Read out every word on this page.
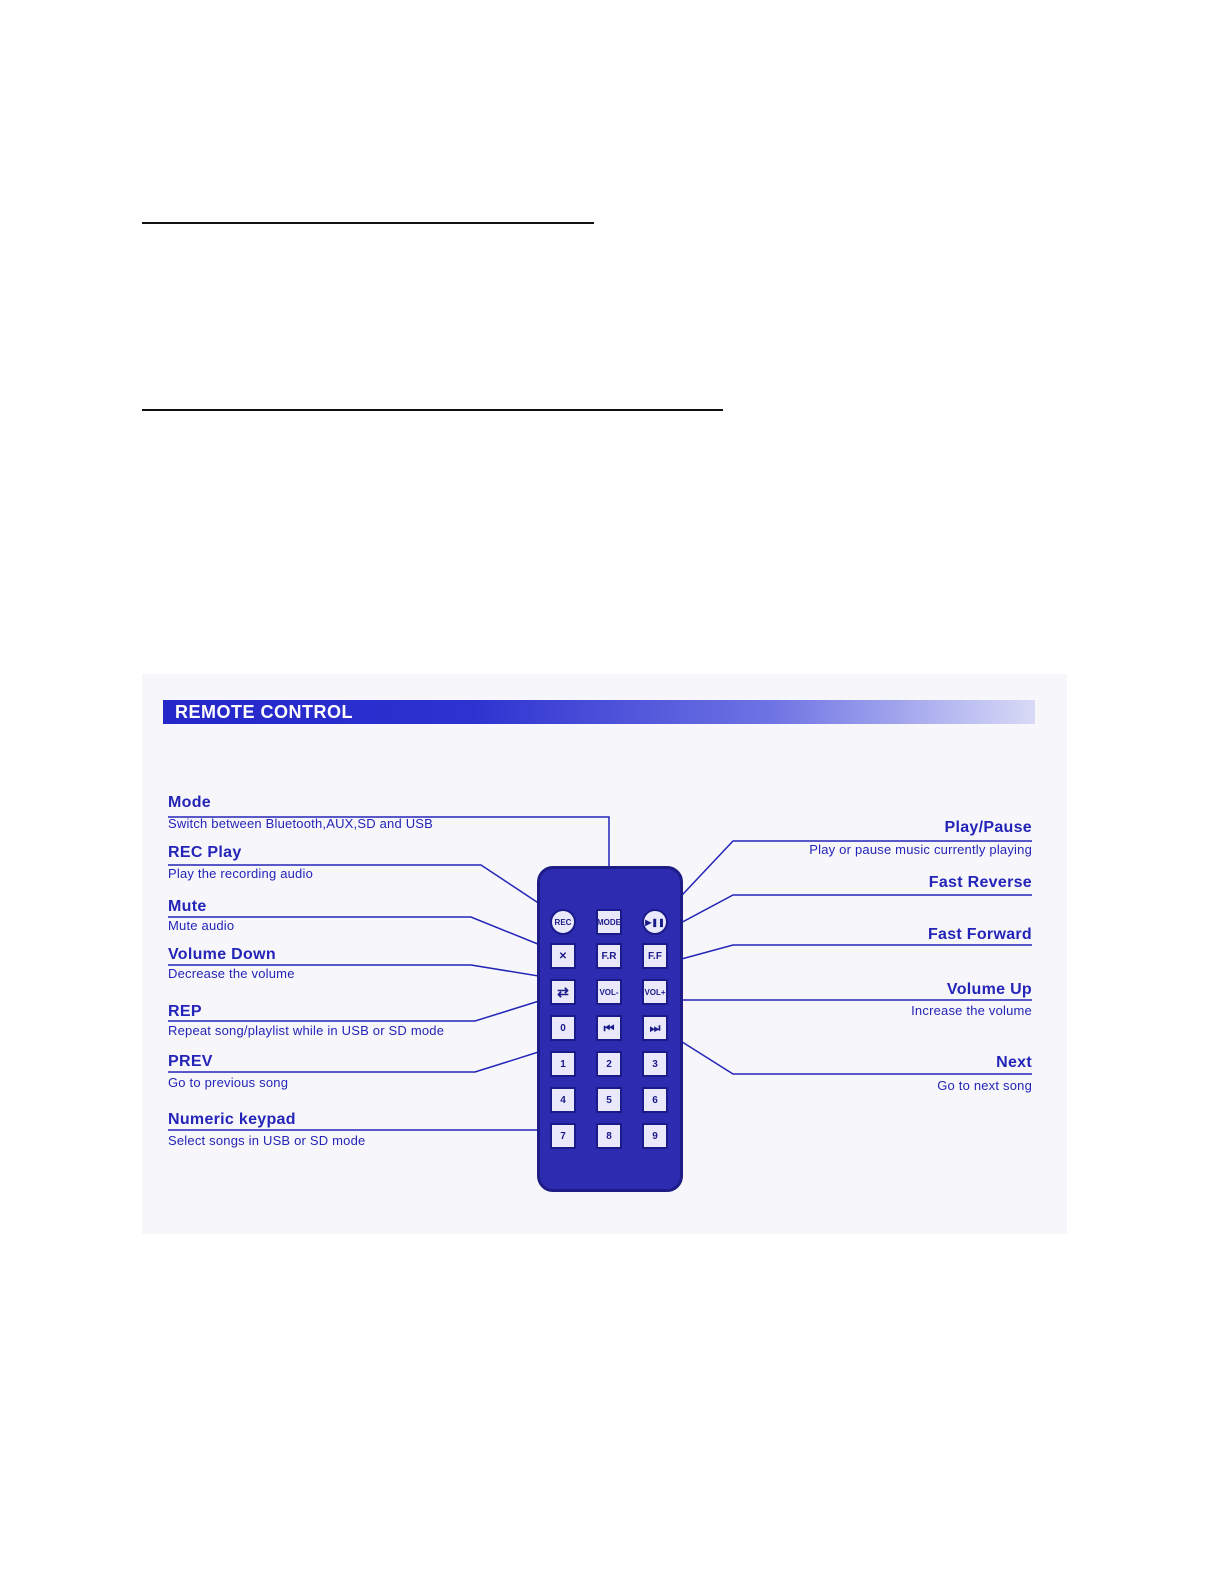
REMOTE CONTROL
Mode
Switch between Bluetooth,AUX,SD and USB
REC Play
Play the recording audio
Mute
Mute audio
Volume Down
Decrease the volume
REP
Repeat song/playlist while in USB or SD mode
PREV
Go to previous song
Numeric keypad
Select songs in USB or SD mode
Play/Pause
Play or pause music currently playing
Fast Reverse
Fast Forward
Volume Up
Increase the volume
Next
Go to next song
REC	MODE	▶❚❚
✕	F.R	F.F
⇄	VOL-	VOL+
0	⏮	⏭
1	2	3
4	5	6
7	8	9
